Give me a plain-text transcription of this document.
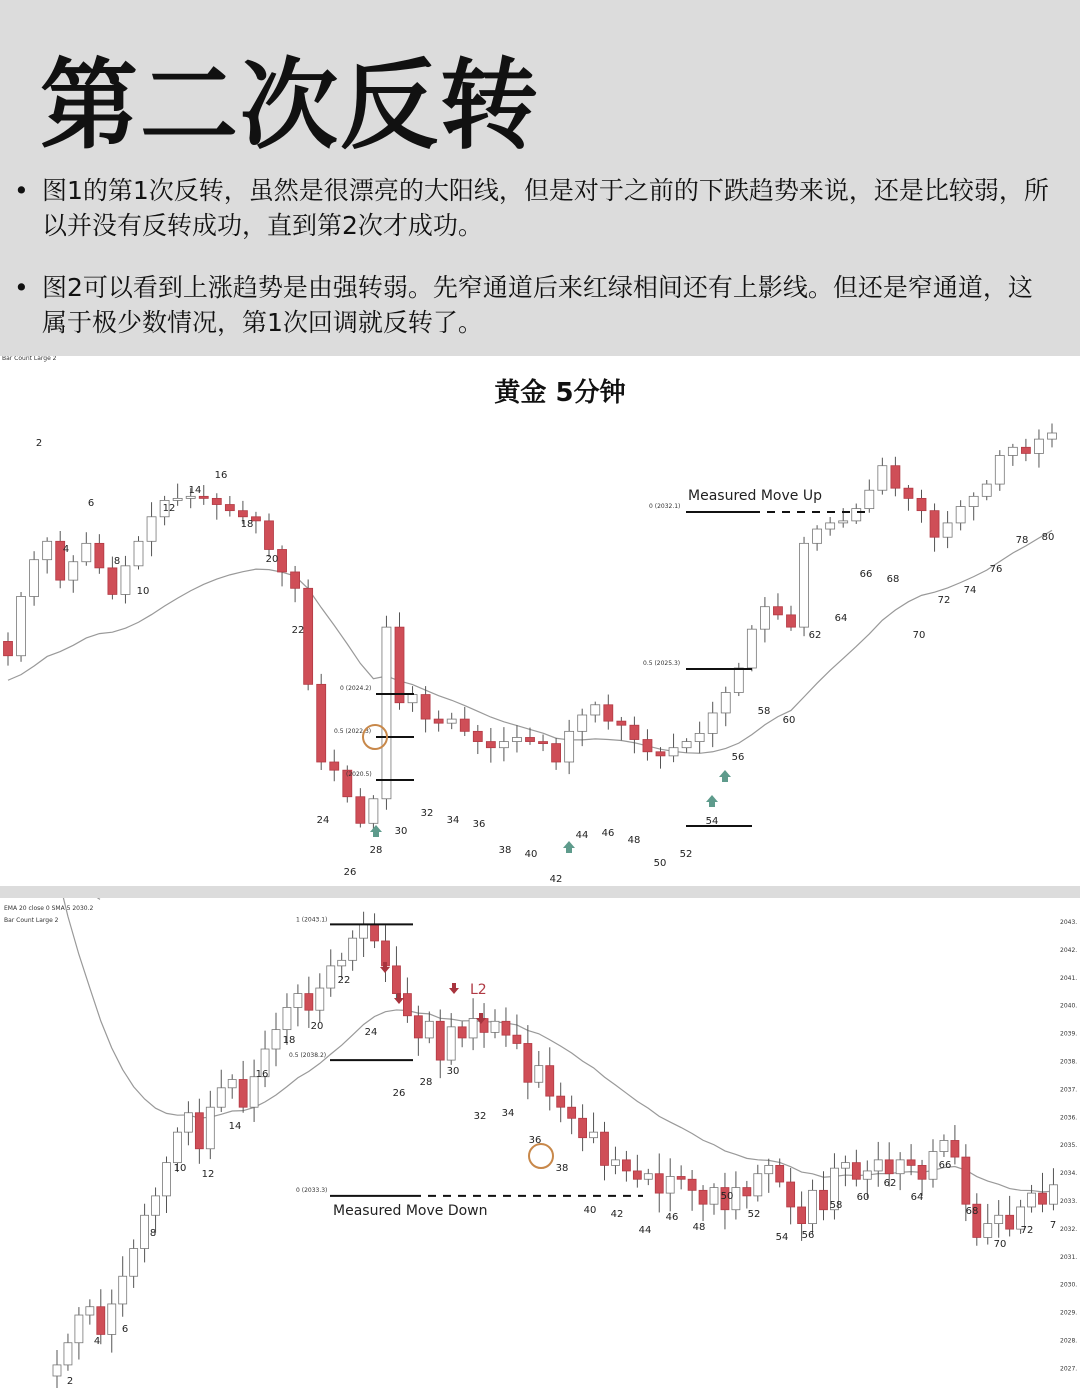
第二次反转
• 图1的第1次反转，虽然是很漂亮的大阳线，但是对于之前的下跌趋势来说，还是比较弱，所以并没有反转成功，直到第2次才成功。
• 图2可以看到上涨趋势是由强转弱。先窄通道后来红绿相间还有上影线。但还是窄通道，这属于极少数情况，第1次回调就反转了。
黄金 5分钟
Bar Count Large 2
0 (2024.2)
0.5 (2022.3)
(2020.5)
0 (2032.1)
Measured Move Up
0.5 (2025.3)
2
4
6
8
10
12
14
16
18
20
22
24
26
28
30
32
34 36
38 40
42
44 46
48
50
52
54
56
58
60
62
64
66 68
70
72
74
76
78 80
EMA 20 close 0 SMA 5 2030.2
Bar Count Large 2	1 (2043.1)
0.5 (2038.2)
0 (2033.3)
Measured Move Down
L2
2043.
2042.
2041.
2040.
2039.
2038.
2037.
2036.
2035.
2034.
2033.
2032.
2031.
2030.
2029.
2028.
2027.
2
4
6
8
10
12
14
16
18
20
22
24
26
28
30
32 34
36
38
40 42
44
46
48
50
52
54 56
58
60
62
64
66
68
70
72 7
